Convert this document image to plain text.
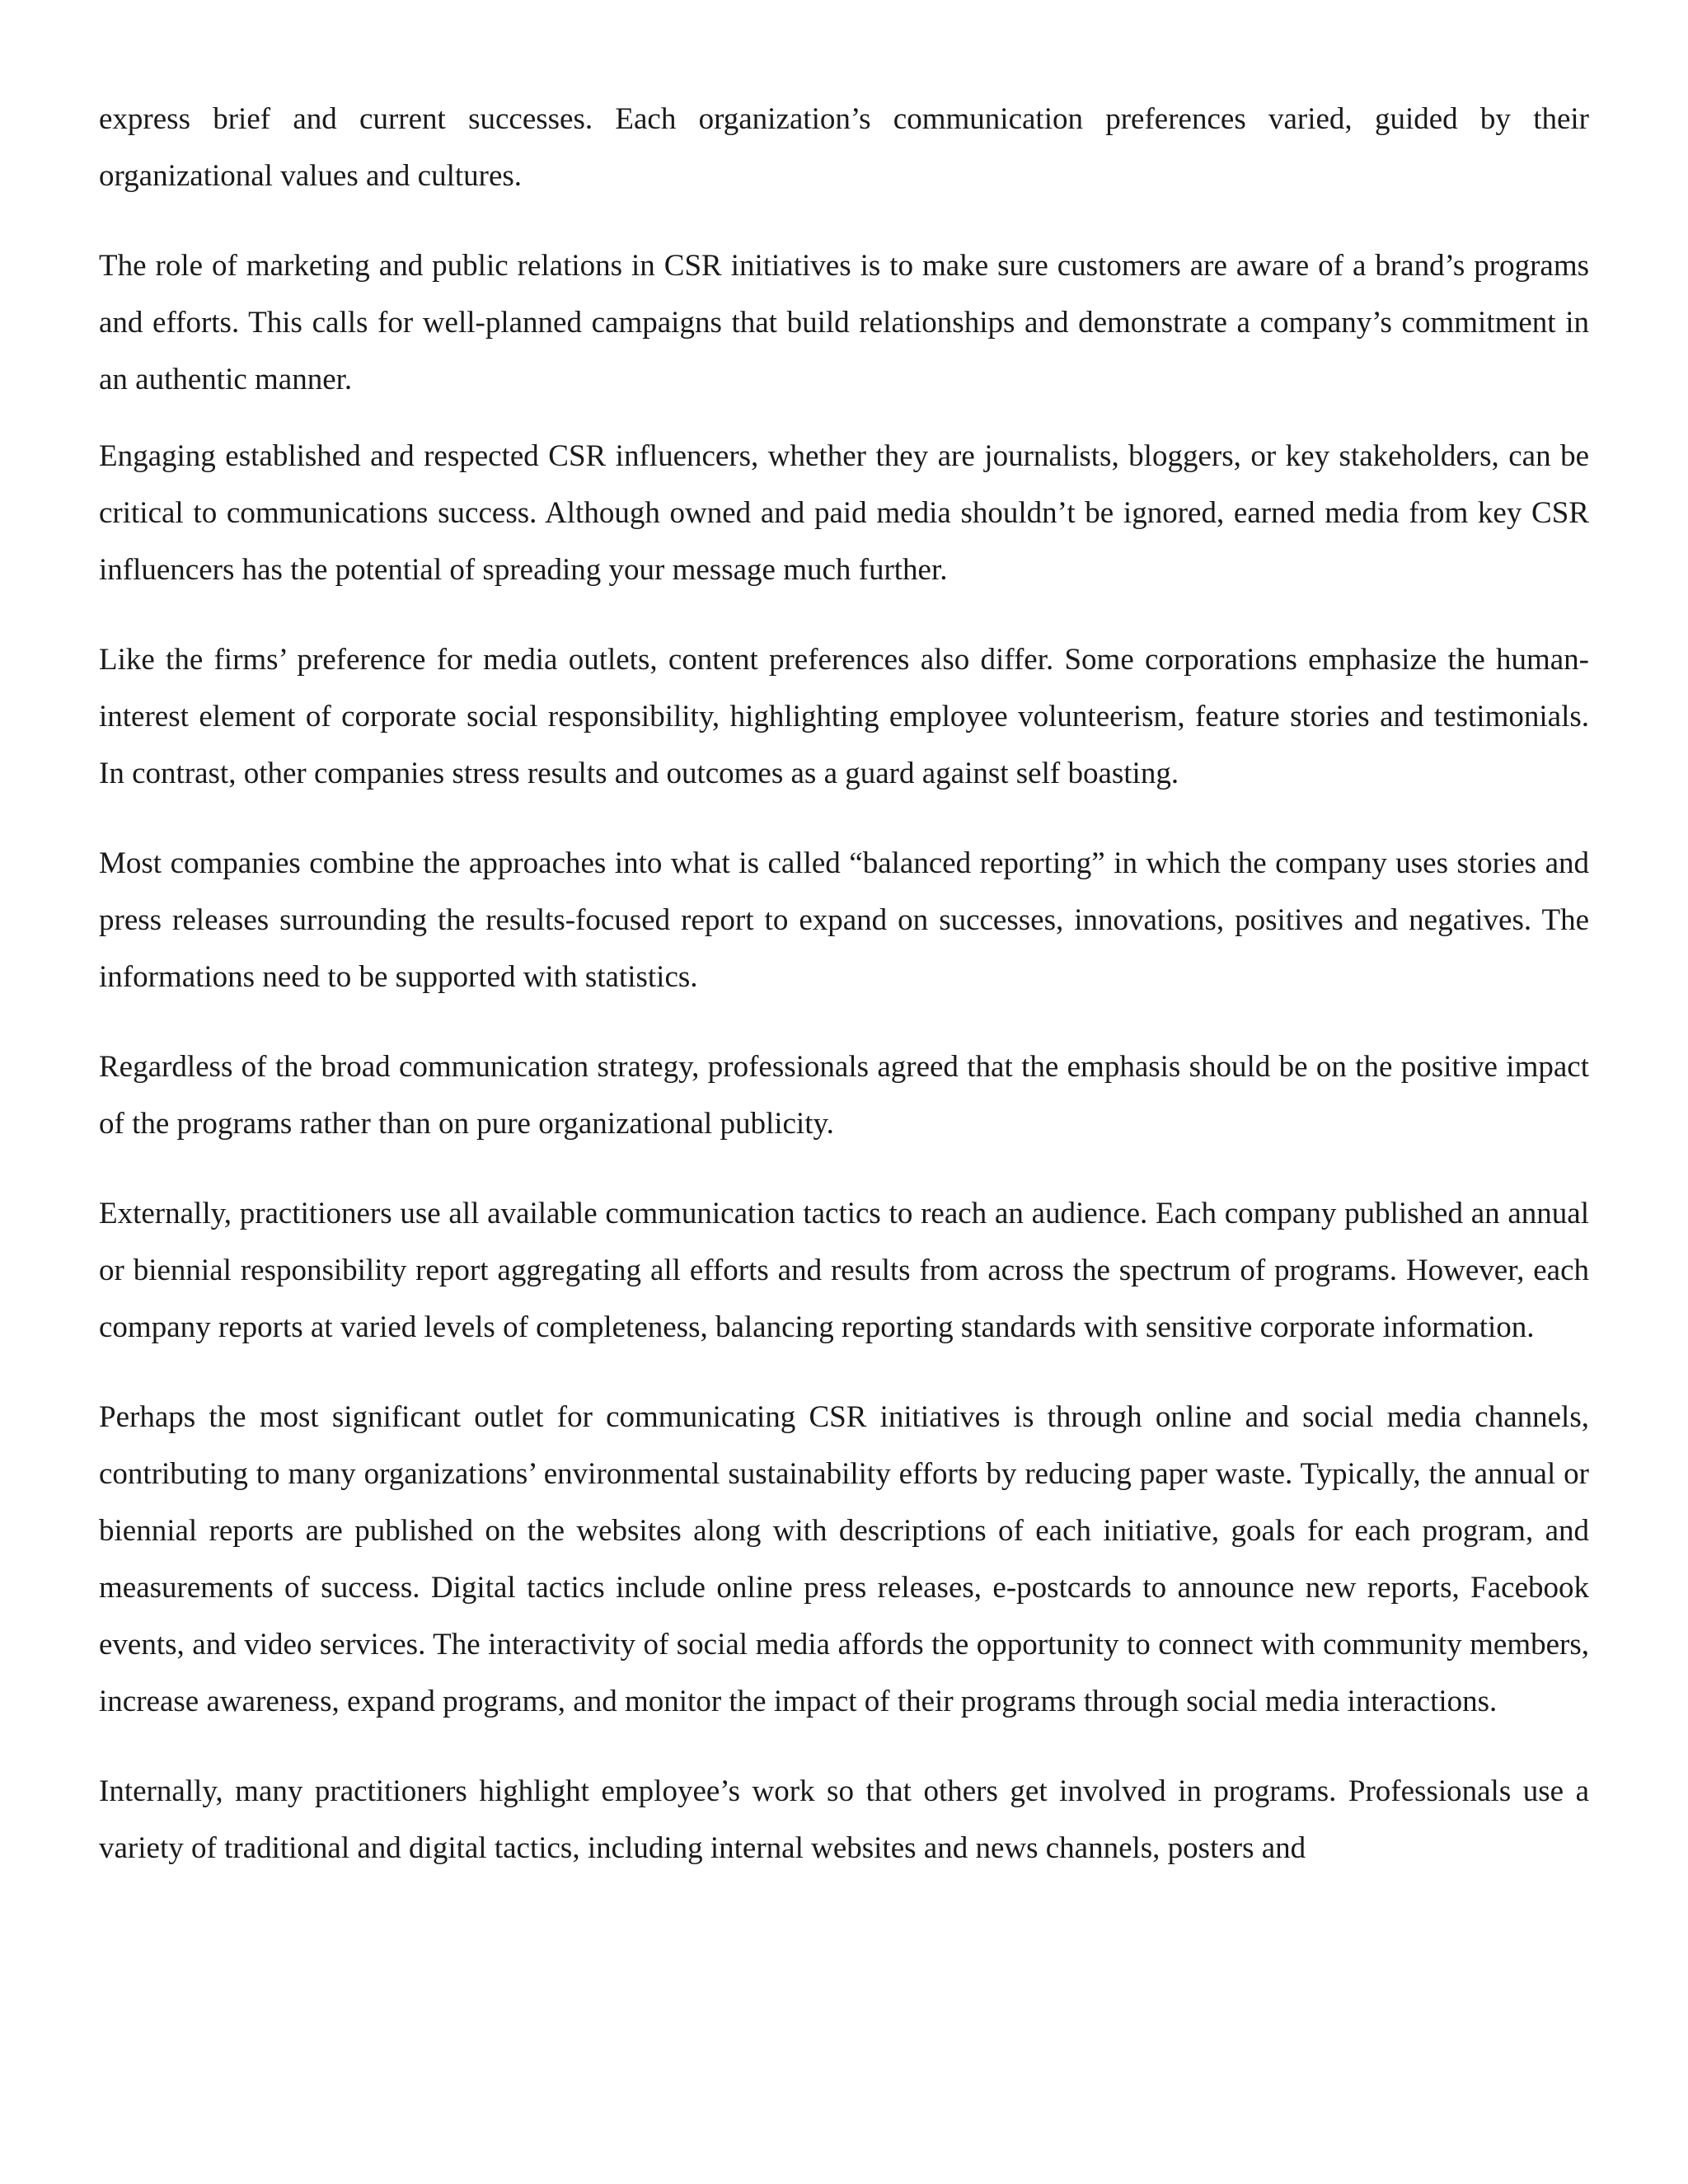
express brief and current successes. Each organization’s communication preferences varied, guided by their organizational values and cultures.

The role of marketing and public relations in CSR initiatives is to make sure customers are aware of a brand’s programs and efforts. This calls for well-planned campaigns that build relationships and demonstrate a company’s commitment in an authentic manner.

Engaging established and respected CSR influencers, whether they are journalists, bloggers, or key stakeholders, can be critical to communications success. Although owned and paid media shouldn’t be ignored, earned media from key CSR influencers has the potential of spreading your message much further.

Like the firms’ preference for media outlets, content preferences also differ. Some corporations emphasize the human-interest element of corporate social responsibility, highlighting employee volunteerism, feature stories and testimonials. In contrast, other companies stress results and outcomes as a guard against self boasting.

Most companies combine the approaches into what is called “balanced reporting” in which the company uses stories and press releases surrounding the results-focused report to expand on successes, innovations, positives and negatives. The informations need to be supported with statistics.

Regardless of the broad communication strategy, professionals agreed that the emphasis should be on the positive impact of the programs rather than on pure organizational publicity.

Externally, practitioners use all available communication tactics to reach an audience. Each company published an annual or biennial responsibility report aggregating all efforts and results from across the spectrum of programs. However, each company reports at varied levels of completeness, balancing reporting standards with sensitive corporate information.

Perhaps the most significant outlet for communicating CSR initiatives is through online and social media channels, contributing to many organizations’ environmental sustainability efforts by reducing paper waste. Typically, the annual or biennial reports are published on the websites along with descriptions of each initiative, goals for each program, and measurements of success. Digital tactics include online press releases, e-postcards to announce new reports, Facebook events, and video services. The interactivity of social media affords the opportunity to connect with community members, increase awareness, expand programs, and monitor the impact of their programs through social media interactions.

Internally, many practitioners highlight employee’s work so that others get involved in programs. Professionals use a variety of traditional and digital tactics, including internal websites and news channels, posters and
